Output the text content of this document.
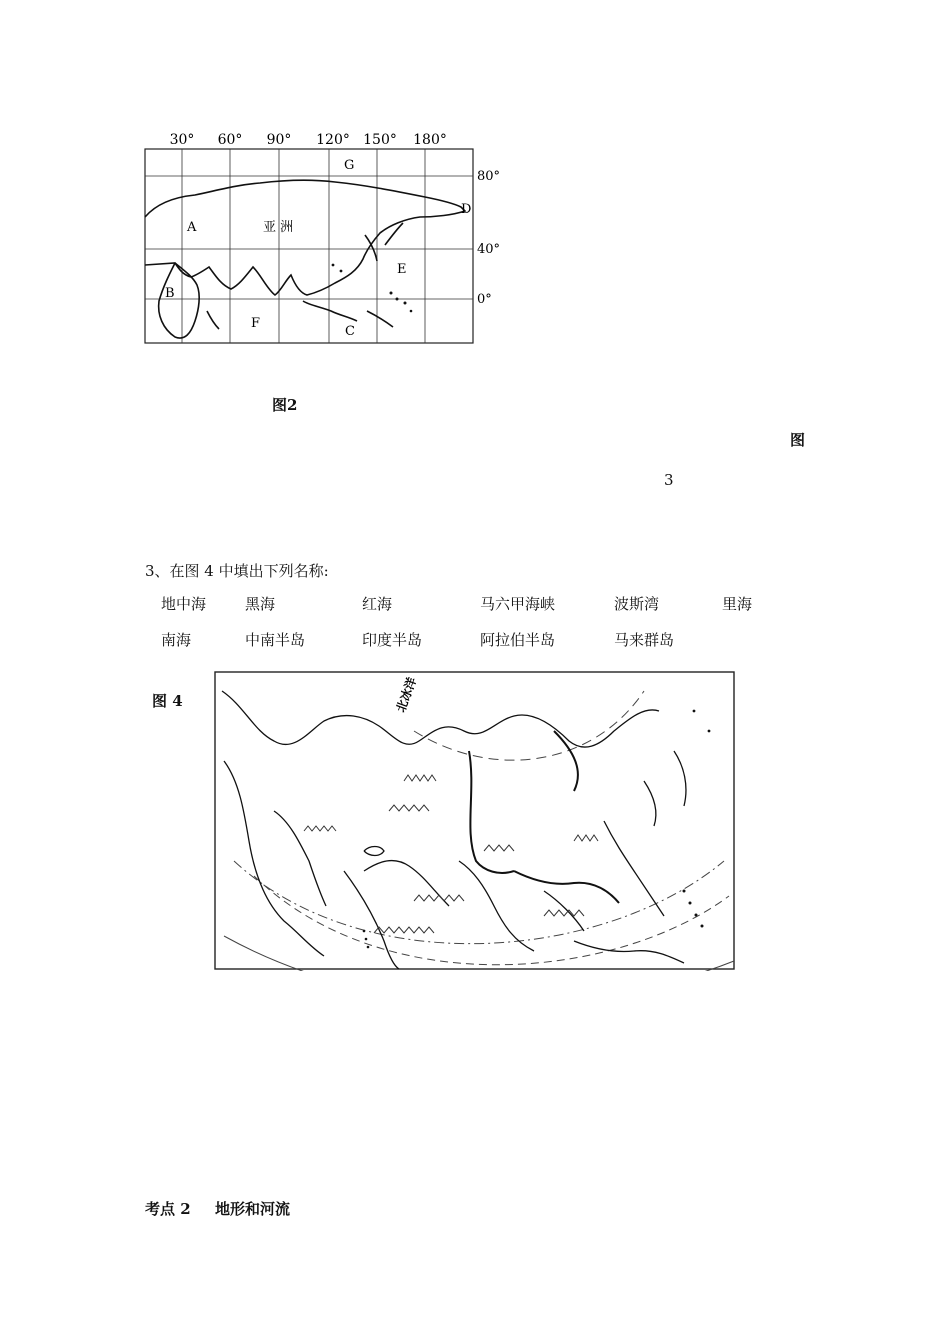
30° 60° 90° 120° 150° 180°
80°
40°
0°
G
D
A
E
B
F
C
亚 洲
图2
图
3
3、在图 4 中填出下列名称:
地中海	黑海	红海	马六甲海峡	波斯湾	里海
南海	中南半岛	印度半岛	阿拉伯半岛	马来群岛
图 4	北冰洋
考点 2 地形和河流
